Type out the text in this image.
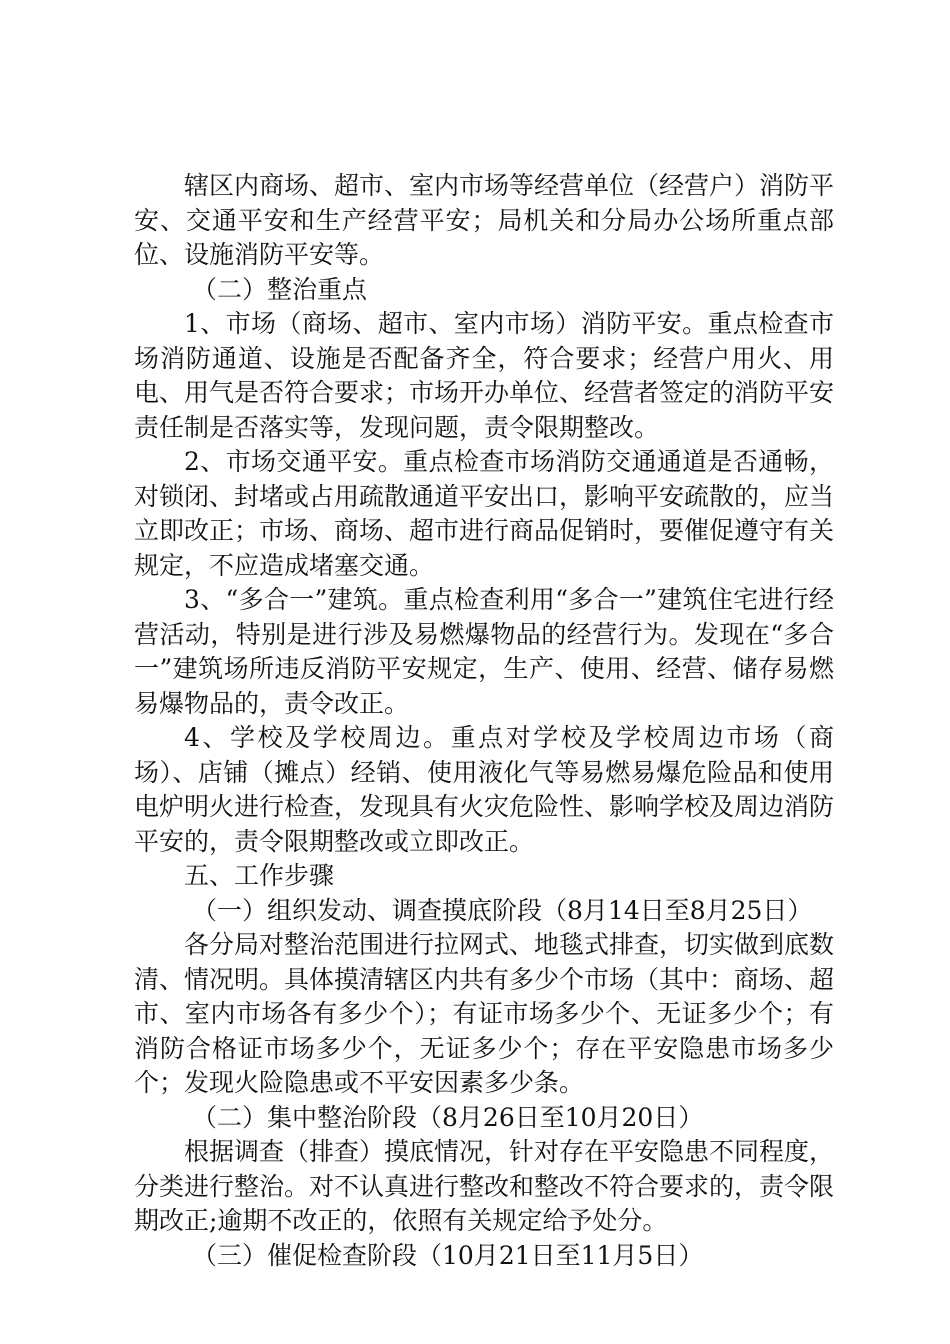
辖区内商场、超市、室内市场等经营单位（经营户）消防平安、交通平安和生产经营平安；局机关和分局办公场所重点部位、设施消防平安等。

（二）整治重点

1、市场（商场、超市、室内市场）消防平安。重点检查市场消防通道、设施是否配备齐全，符合要求；经营户用火、用电、用气是否符合要求；市场开办单位、经营者签定的消防平安责任制是否落实等，发现问题，责令限期整改。

2、市场交通平安。重点检查市场消防交通通道是否通畅，对锁闭、封堵或占用疏散通道平安出口，影响平安疏散的，应当立即改正；市场、商场、超市进行商品促销时，要催促遵守有关规定，不应造成堵塞交通。

3、“多合一”建筑。重点检查利用“多合一”建筑住宅进行经营活动，特别是进行涉及易燃爆物品的经营行为。发现在“多合一”建筑场所违反消防平安规定，生产、使用、经营、储存易燃易爆物品的，责令改正。

4、学校及学校周边。重点对学校及学校周边市场（商场）、店铺（摊点）经销、使用液化气等易燃易爆危险品和使用电炉明火进行检查，发现具有火灾危险性、影响学校及周边消防平安的，责令限期整改或立即改正。

五、工作步骤

（一）组织发动、调查摸底阶段（8月14日至8月25日）

各分局对整治范围进行拉网式、地毯式排查，切实做到底数清、情况明。具体摸清辖区内共有多少个市场（其中：商场、超市、室内市场各有多少个）；有证市场多少个、无证多少个；有消防合格证市场多少个，无证多少个；存在平安隐患市场多少个；发现火险隐患或不平安因素多少条。

（二）集中整治阶段（8月26日至10月20日）

根据调查（排查）摸底情况，针对存在平安隐患不同程度，分类进行整治。对不认真进行整改和整改不符合要求的，责令限期改正;逾期不改正的，依照有关规定给予处分。

（三）催促检查阶段（10月21日至11月5日）
